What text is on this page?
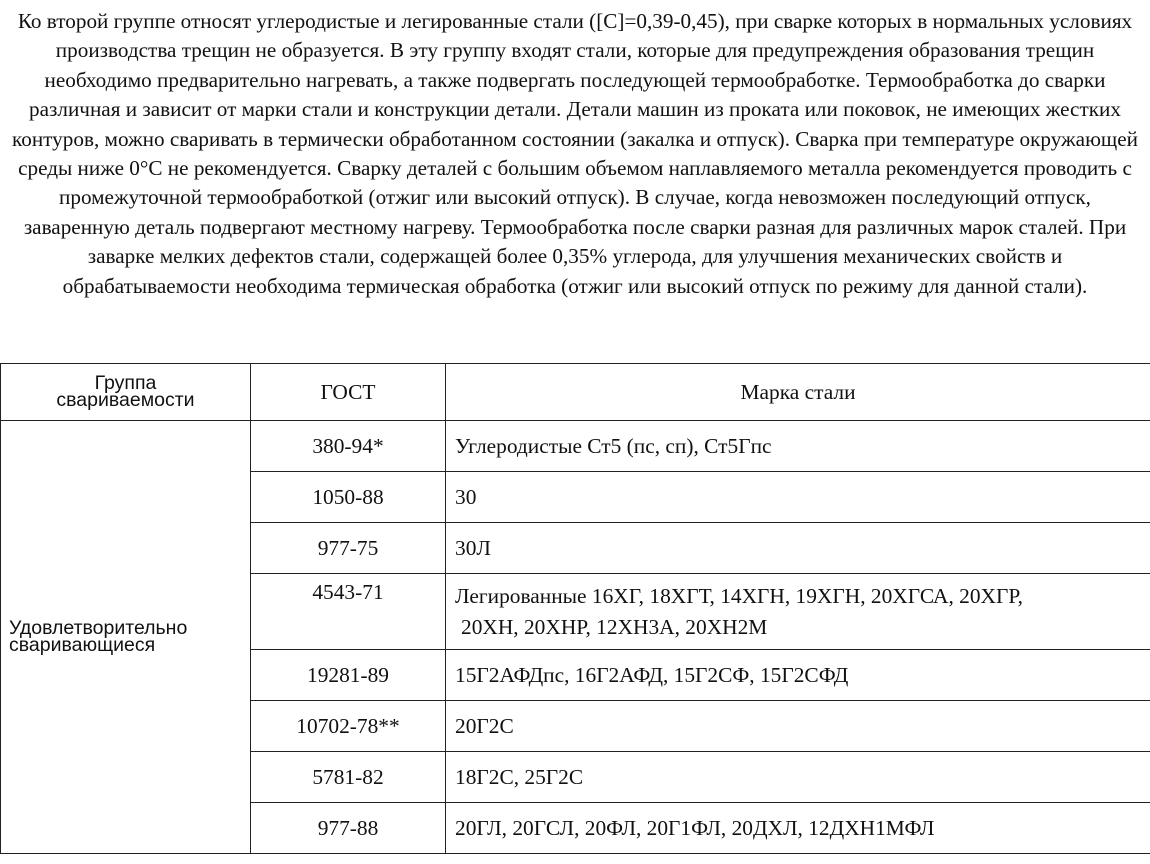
Ко второй группе относят углеродистые и легированные стали ([C]=0,39-0,45), при сварке которых в нормальных условиях производства трещин не образуется. В эту группу входят стали, которые для предупреждения образования трещин необходимо предварительно нагревать, а также подвергать последующей термообработке. Термообработка до сварки различная и зависит от марки стали и конструкции детали. Детали машин из проката или поковок, не имеющих жестких контуров, можно сваривать в термически обработанном состоянии (закалка и отпуск). Сварка при температуре окружающей среды ниже 0°С не рекомендуется. Сварку деталей с большим объемом наплавляемого металла рекомендуется проводить с промежуточной термообработкой (отжиг или высокий отпуск). В случае, когда невозможен последующий отпуск, заваренную деталь подвергают местному нагреву. Термообработка после сварки разная для различных марок сталей. При заварке мелких дефектов стали, содержащей более 0,35% углерода, для улучшения механических свойств и обрабатываемости необходима термическая обработка (отжиг или высокий отпуск по режиму для данной стали).

Группа
свариваемости	ГОСТ	Марка стали

Удовлетворительно
сваривающиеся	380-94*	Углеродистые Ст5 (пс, сп), Ст5Гпс
	1050-88	30
	977-75	30Л
	4543-71	Легированные 16ХГ, 18ХГТ, 14ХГН, 19ХГН, 20ХГСА, 20ХГР,
20ХН, 20ХНР, 12ХН3А, 20ХН2М

	19281-89	15Г2АФДпс, 16Г2АФД, 15Г2СФ, 15Г2СФД
	10702-78**	20Г2С
	5781-82	18Г2С, 25Г2С
	977-88	20ГЛ, 20ГСЛ, 20ФЛ, 20Г1ФЛ, 20ДХЛ, 12ДХН1МФЛ
